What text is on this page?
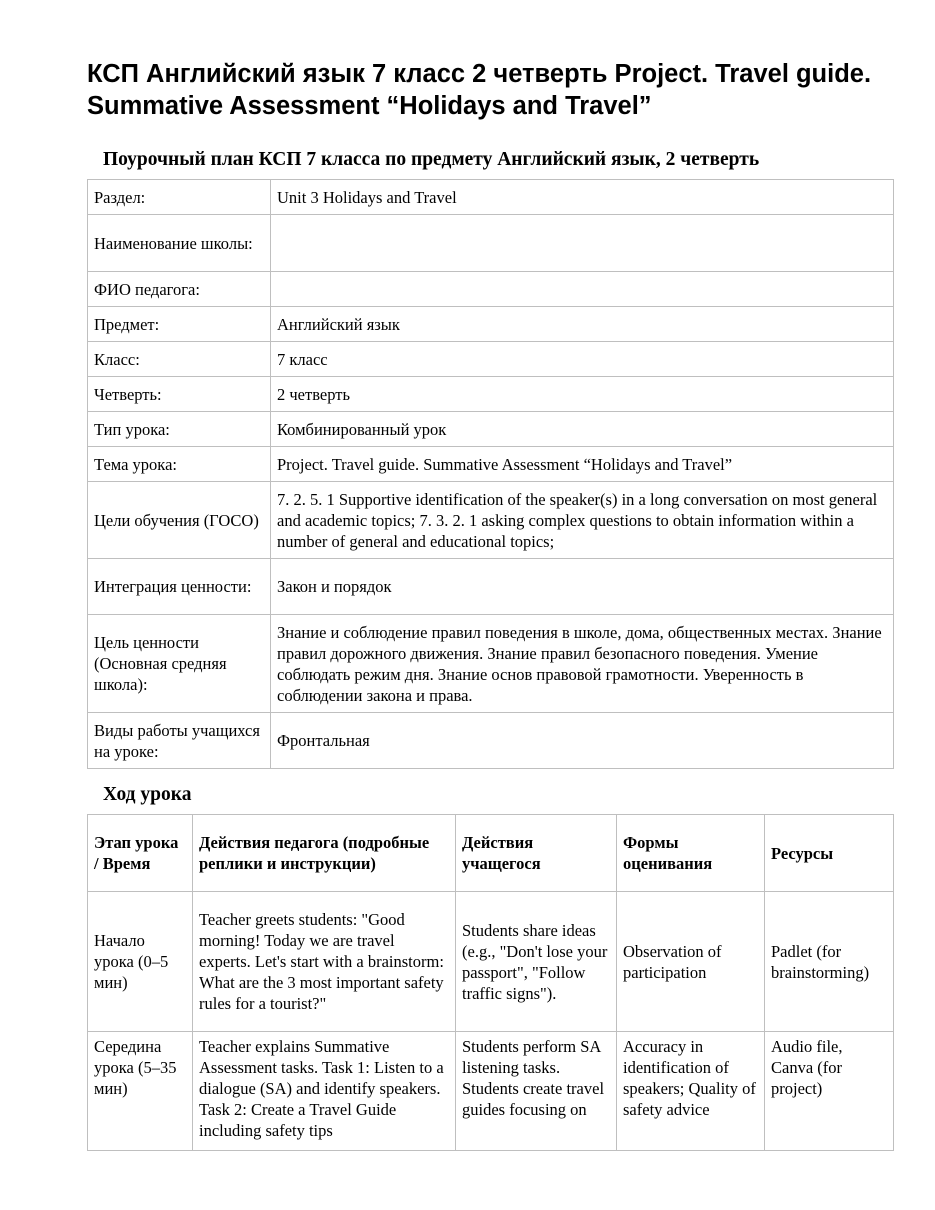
КСП Английский язык 7 класс 2 четверть Project. Travel guide. Summative Assessment “Holidays and Travel”
Поурочный план КСП 7 класса по предмету Английский язык, 2 четверть
Раздел:	Unit 3 Holidays and Travel
Наименование школы:	
ФИО педагога:	
Предмет:	Английский язык
Класс:	7 класс
Четверть:	2 четверть
Тип урока:	Комбинированный урок
Тема урока:	Project. Travel guide. Summative Assessment “Holidays and Travel”
Цели обучения (ГОСО)	7. 2. 5. 1 Supportive identification of the speaker(s) in a long conversation on most general and academic topics; 7. 3. 2. 1 asking complex questions to obtain information within a number of general and educational topics;
Интеграция ценности:	Закон и порядок
Цель ценности (Основная средняя школа):	Знание и соблюдение правил поведения в школе, дома, общественных местах. Знание правил дорожного движения. Знание правил безопасного поведения. Умение соблюдать режим дня. Знание основ правовой грамотности. Уверенность в соблюдении закона и права.
Виды работы учащихся на уроке:	Фронтальная
Ход урока
Этап урока / Время	Действия педагога (подробные реплики и инструкции)	Действия учащегося	Формы оценивания	Ресурсы
Начало урока (0–5 мин)	Teacher greets students: "Good morning! Today we are travel experts. Let's start with a brainstorm: What are the 3 most important safety rules for a tourist?"	Students share ideas (e.g., "Don't lose your passport", "Follow traffic signs").	Observation of participation	Padlet (for brainstorming)
Середина урока (5–35 мин)	Teacher explains Summative Assessment tasks. Task 1: Listen to a dialogue (SA) and identify speakers. Task 2: Create a Travel Guide including safety tips	Students perform SA listening tasks. Students create travel guides focusing on	Accuracy in identification of speakers; Quality of safety advice	Audio file, Canva (for project)
